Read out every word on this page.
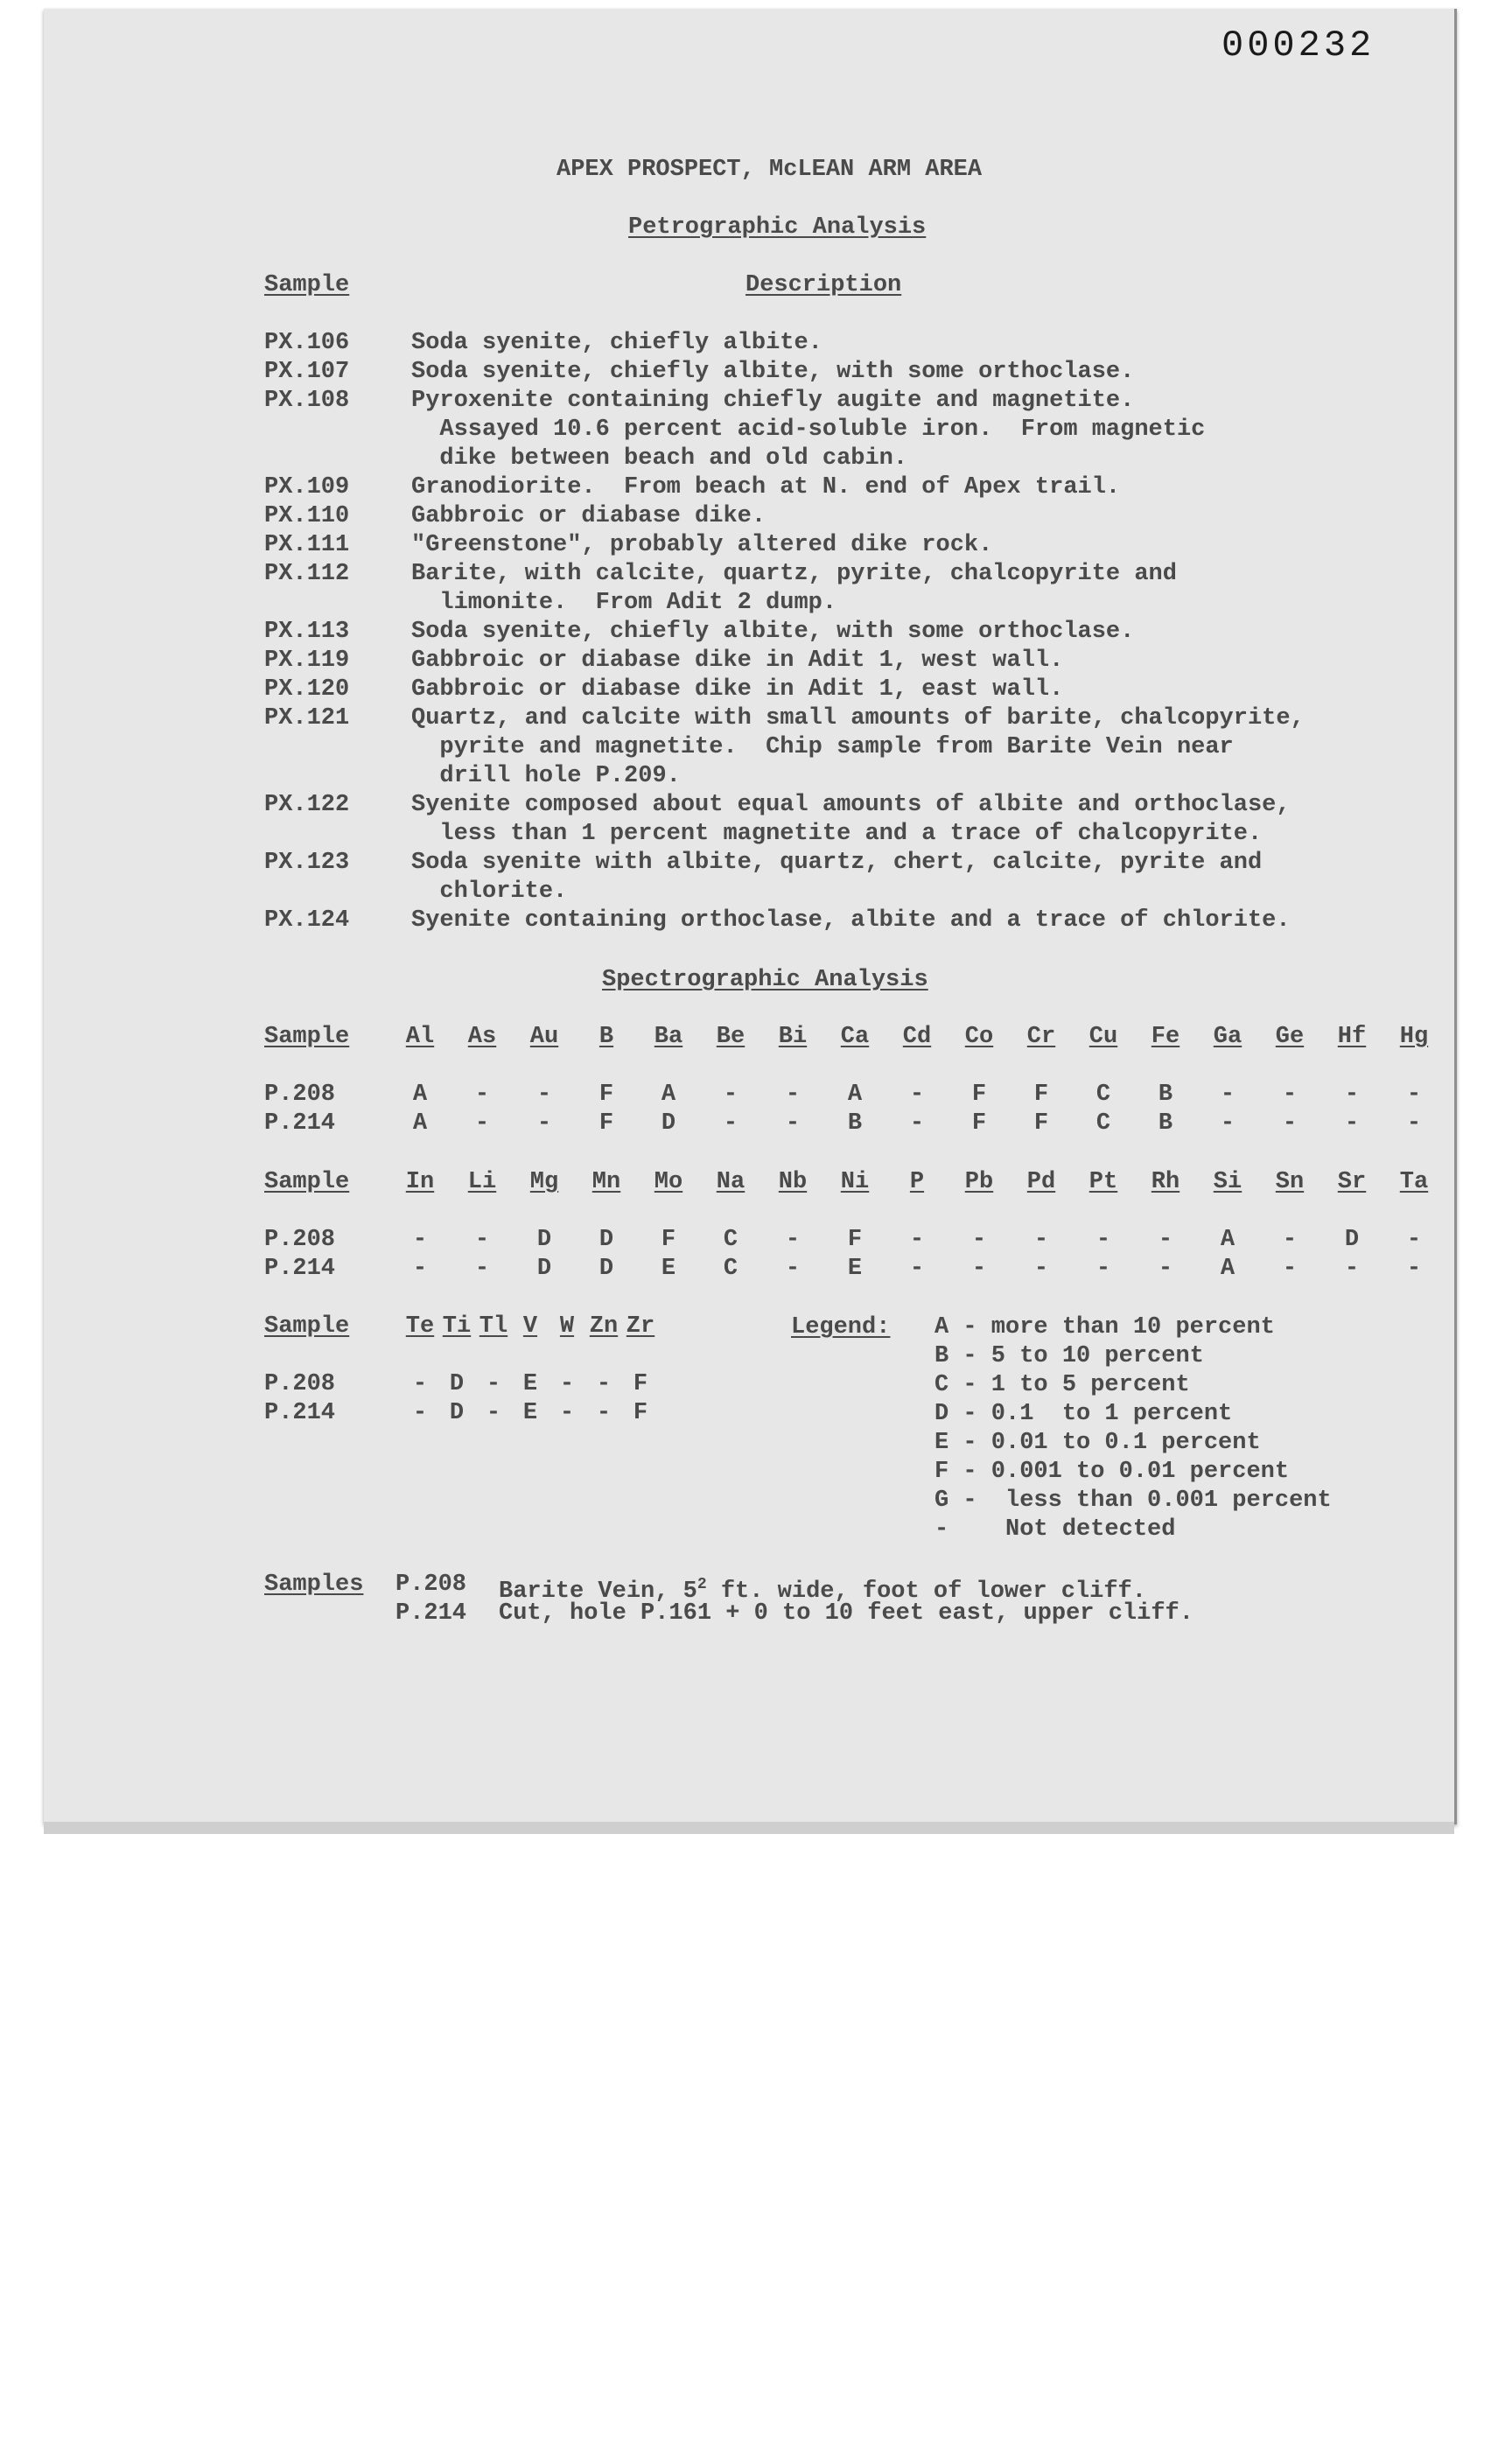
000232
APEX PROSPECT, McLEAN ARM AREA
Petrographic Analysis
Sample	Description
PX.106	Soda syenite, chiefly albite.
PX.107	Soda syenite, chiefly albite, with some orthoclase.
PX.108	Pyroxenite containing chiefly augite and magnetite.
Assayed 10.6 percent acid-soluble iron.  From magnetic
dike between beach and old cabin.
PX.109	Granodiorite.  From beach at N. end of Apex trail.
PX.110	Gabbroic or diabase dike.
PX.111	"Greenstone", probably altered dike rock.
PX.112	Barite, with calcite, quartz, pyrite, chalcopyrite and
limonite.  From Adit 2 dump.
PX.113	Soda syenite, chiefly albite, with some orthoclase.
PX.119	Gabbroic or diabase dike in Adit 1, west wall.
PX.120	Gabbroic or diabase dike in Adit 1, east wall.
PX.121	Quartz, and calcite with small amounts of barite, chalcopyrite,
pyrite and magnetite.  Chip sample from Barite Vein near
drill hole P.209.
PX.122	Syenite composed about equal amounts of albite and orthoclase,
less than 1 percent magnetite and a trace of chalcopyrite.
PX.123	Soda syenite with albite, quartz, chert, calcite, pyrite and
chlorite.
PX.124	Syenite containing orthoclase, albite and a trace of chlorite.
Spectrographic Analysis
Sample	Al	As	Au	B	Ba	Be	Bi	Ca	Cd	Co	Cr	Cu	Fe	Ga	Ge	Hf	Hg
P.208	A	-	-	F	A	-	-	A	-	F	F	C	B	-	-	-	-
P.214	A	-	-	F	D	-	-	B	-	F	F	C	B	-	-	-	-
Sample	In	Li	Mg	Mn	Mo	Na	Nb	Ni	P	Pb	Pd	Pt	Rh	Si	Sn	Sr	Ta
P.208	-	-	D	D	F	C	-	F	-	-	-	-	-	A	-	D	-
P.214	-	-	D	D	E	C	-	E	-	-	-	-	-	A	-	-	-
Sample	Te Ti Tl V W Zn Zr
P.208	- D - E - - F
P.214	- D - E - - F
Legend: A - more than 10 percent
B - 5 to 10 percent
C - 1 to 5 percent
D - 0.1  to 1 percent
E - 0.01 to 0.1 percent
F - 0.001 to 0.01 percent
G -  less than 0.001 percent
-    Not detected
Samples P.208 Barite Vein, $5^2$ ft. wide, foot of lower cliff.
P.214 Cut, hole P.161 + 0 to 10 feet east, upper cliff.
